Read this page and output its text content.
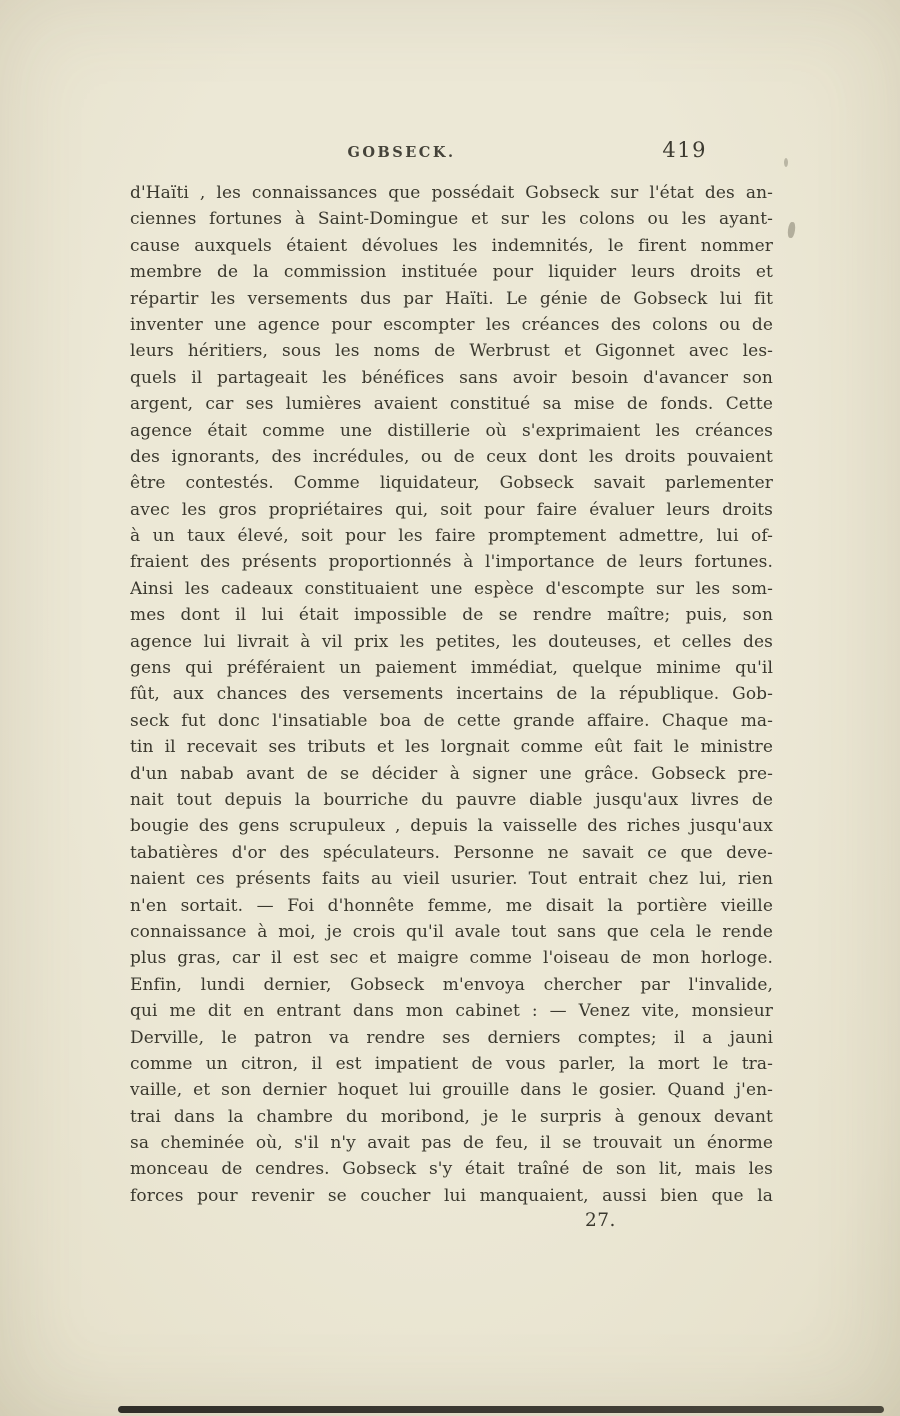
GOBSECK.	419
d'Haïti , les connaissances que possédait Gobseck sur l'état des an-
ciennes fortunes à Saint-Domingue et sur les colons ou les ayant-
cause auxquels étaient dévolues les indemnités, le firent nommer
membre de la commission instituée pour liquider leurs droits et
répartir les versements dus par Haïti. Le génie de Gobseck lui fit
inventer une agence pour escompter les créances des colons ou de
leurs héritiers, sous les noms de Werbrust et Gigonnet avec les-
quels il partageait les bénéfices sans avoir besoin d'avancer son
argent, car ses lumières avaient constitué sa mise de fonds. Cette
agence était comme une distillerie où s'exprimaient les créances
des ignorants, des incrédules, ou de ceux dont les droits pouvaient
être contestés. Comme liquidateur, Gobseck savait parlementer
avec les gros propriétaires qui, soit pour faire évaluer leurs droits
à un taux élevé, soit pour les faire promptement admettre, lui of-
fraient des présents proportionnés à l'importance de leurs fortunes.
Ainsi les cadeaux constituaient une espèce d'escompte sur les som-
mes dont il lui était impossible de se rendre maître; puis, son
agence lui livrait à vil prix les petites, les douteuses, et celles des
gens qui préféraient un paiement immédiat, quelque minime qu'il
fût, aux chances des versements incertains de la république. Gob-
seck fut donc l'insatiable boa de cette grande affaire. Chaque ma-
tin il recevait ses tributs et les lorgnait comme eût fait le ministre
d'un nabab avant de se décider à signer une grâce. Gobseck pre-
nait tout depuis la bourriche du pauvre diable jusqu'aux livres de
bougie des gens scrupuleux , depuis la vaisselle des riches jusqu'aux
tabatières d'or des spéculateurs. Personne ne savait ce que deve-
naient ces présents faits au vieil usurier. Tout entrait chez lui, rien
n'en sortait. — Foi d'honnête femme, me disait la portière vieille
connaissance à moi, je crois qu'il avale tout sans que cela le rende
plus gras, car il est sec et maigre comme l'oiseau de mon horloge.
Enfin, lundi dernier, Gobseck m'envoya chercher par l'invalide,
qui me dit en entrant dans mon cabinet : — Venez vite, monsieur
Derville, le patron va rendre ses derniers comptes; il a jauni
comme un citron, il est impatient de vous parler, la mort le tra-
vaille, et son dernier hoquet lui grouille dans le gosier. Quand j'en-
trai dans la chambre du moribond, je le surpris à genoux devant
sa cheminée où, s'il n'y avait pas de feu, il se trouvait un énorme
monceau de cendres. Gobseck s'y était traîné de son lit, mais les
forces pour revenir se coucher lui manquaient, aussi bien que la
27.
